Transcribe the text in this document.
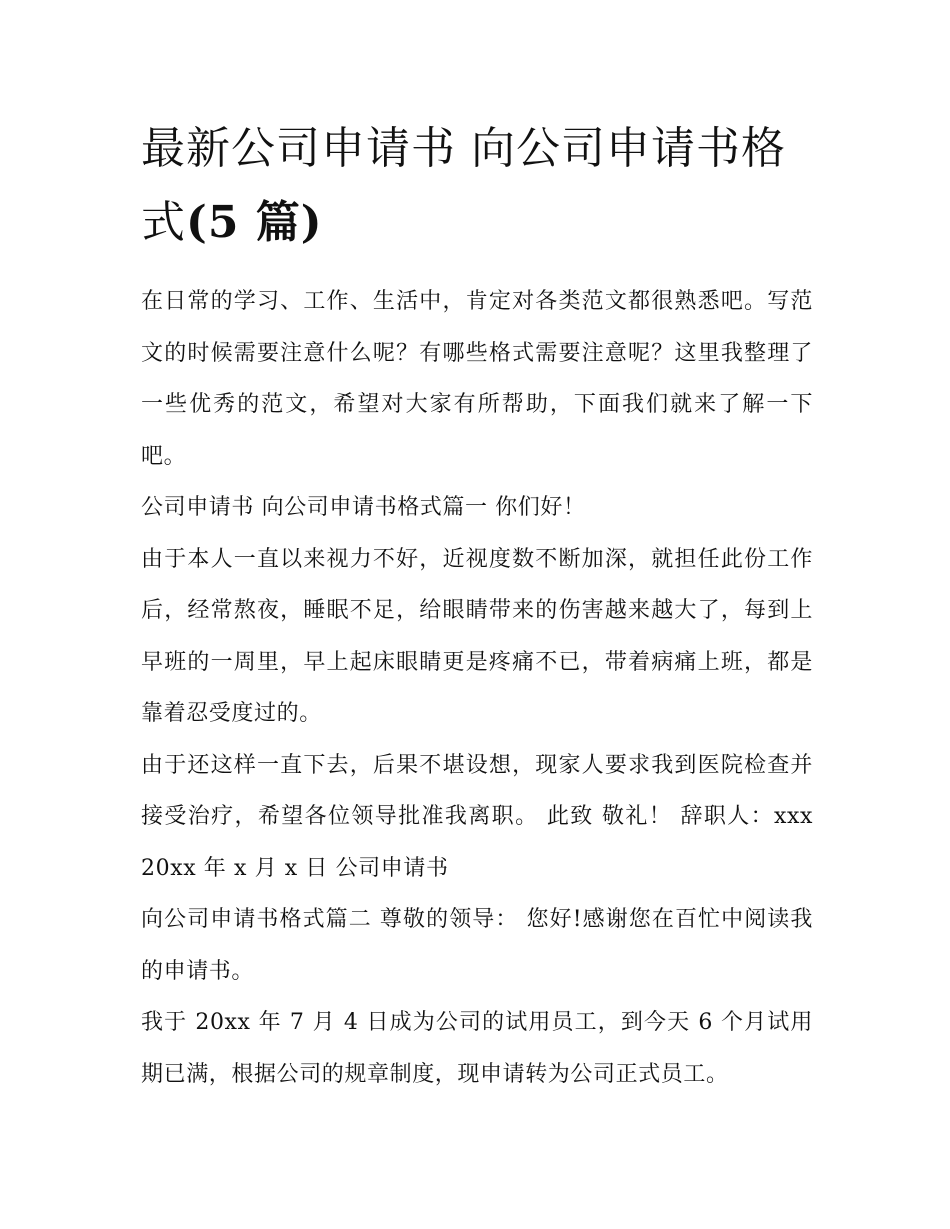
最新公司申请书 向公司申请书格式(5 篇)

在日常的学习、工作、生活中，肯定对各类范文都很熟悉吧。写范文的时候需要注意什么呢？有哪些格式需要注意呢？这里我整理了一些优秀的范文，希望对大家有所帮助，下面我们就来了解一下吧。

公司申请书 向公司申请书格式篇一 你们好！

由于本人一直以来视力不好，近视度数不断加深，就担任此份工作后，经常熬夜，睡眠不足，给眼睛带来的伤害越来越大了，每到上早班的一周里，早上起床眼睛更是疼痛不已，带着病痛上班，都是靠着忍受度过的。

由于还这样一直下去，后果不堪设想，现家人要求我到医院检查并接受治疗，希望各位领导批准我离职。 此致 敬礼！ 辞职人：xxx 20xx 年 x 月 x 日 公司申请书

向公司申请书格式篇二 尊敬的领导： 您好!感谢您在百忙中阅读我的申请书。

我于 20xx 年 7 月 4 日成为公司的试用员工，到今天 6 个月试用期已满，根据公司的规章制度，现申请转为公司正式员工。
